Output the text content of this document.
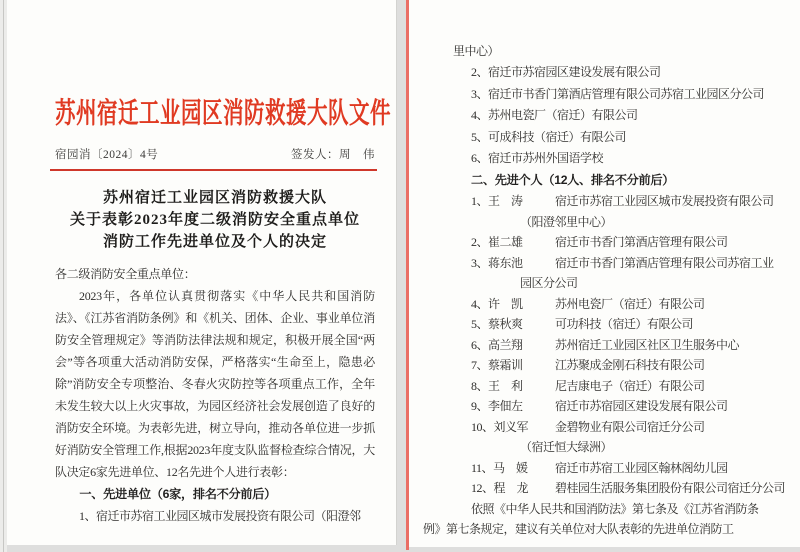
苏州宿迁工业园区消防救援大队文件
宿园消〔2024〕4号	签发人：周　伟
苏州宿迁工业园区消防救援大队
关于表彰2023年度二级消防安全重点单位
消防工作先进单位及个人的决定
各二级消防安全重点单位：
2023年，各单位认真贯彻落实《中华人民共和国消防法》、《江苏省消防条例》和《机关、团体、企业、事业单位消防安全管理规定》等消防法律法规和规定，积极开展全国“两会”等各项重大活动消防安保，严格落实“生命至上，隐患必除”消防安全专项整治、冬春火灾防控等各项重点工作，全年未发生较大以上火灾事故，为园区经济社会发展创造了良好的消防安全环境。为表彰先进，树立导向，推动各单位进一步抓好消防安全管理工作,根据2023年度支队监督检查综合情况，大队决定6家先进单位、12名先进个人进行表彰：
一、先进单位（6家，排名不分前后）
1、宿迁市苏宿工业园区城市发展投资有限公司（阳澄邻
里中心）
2、宿迁市苏宿园区建设发展有限公司
3、宿迁市书香门第酒店管理有限公司苏宿工业园区分公司
4、苏州电瓷厂（宿迁）有限公司
5、可成科技（宿迁）有限公司
6、宿迁市苏州外国语学校
二、先进个人（12人、排名不分前后）
1、王　涛	宿迁市苏宿工业园区城市发展投资有限公司
（阳澄邻里中心）
2、崔二雄	宿迁市书香门第酒店管理有限公司
3、蒋东池	宿迁市书香门第酒店管理有限公司苏宿工业
园区分公司
4、许　凯	苏州电瓷厂（宿迁）有限公司
5、蔡秋爽	可功科技（宿迁）有限公司
6、高兰翔	苏州宿迁工业园区社区卫生服务中心
7、蔡霜训	江苏聚成金刚石科技有限公司
8、王　利	尼吉康电子（宿迁）有限公司
9、李佃左	宿迁市苏宿园区建设发展有限公司
10、刘义军	金碧物业有限公司宿迁分公司
（宿迁恒大绿洲）
11、马　媛	宿迁市苏宿工业园区翰林阁幼儿园
12、程　龙	碧桂园生活服务集团股份有限公司宿迁分公司
依照《中华人民共和国消防法》第七条及《江苏省消防条
例》第七条规定，建议有关单位对大队表彰的先进单位消防工
